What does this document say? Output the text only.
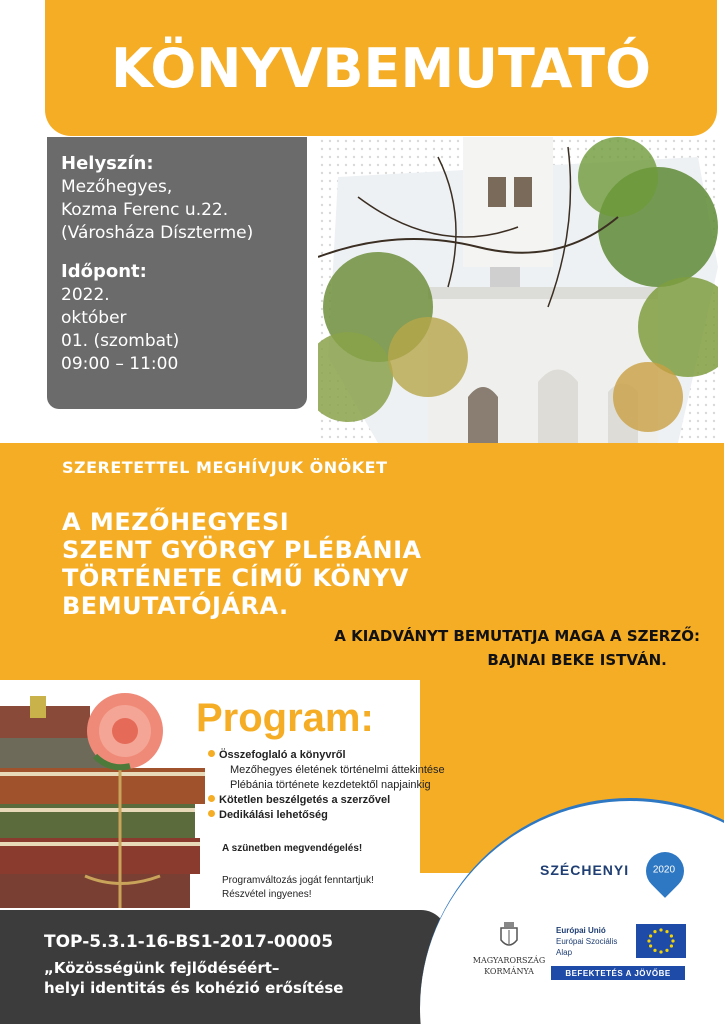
KÖNYVBEMUTATÓ
Helyszín:
Mezőhegyes,
Kozma Ferenc u.22.
(Városháza Díszterme)
Időpont:
2022.
október
01. (szombat)
09:00 – 11:00
SZERETETTEL MEGHÍVJUK ÖNÖKET
A MEZŐHEGYESI
SZENT GYÖRGY PLÉBÁNIA
TÖRTÉNETE CÍMŰ KÖNYV
BEMUTATÓJÁRA.
A KIADVÁNYT BEMUTATJA MAGA A SZERZŐ:
BAJNAI BEKE ISTVÁN.
Program:
Összefoglaló a könyvről
Mezőhegyes életének történelmi áttekintése
Plébánia története kezdetektől napjainkig
Kötetlen beszélgetés a szerzővel
Dedikálási lehetőség
A szünetben megvendégelés!
Programváltozás jogát fenntartjuk!
Részvétel ingyenes!
TOP-5.3.1-16-BS1-2017-00005
„Közösségünk fejlődéséért–
helyi identitás és kohézió erősítése
SZÉCHENYI	2020
MAGYARORSZÁG
KORMÁNYA
Európai Unió
Európai Szociális
Alap
BEFEKTETÉS A JÖVŐBE
